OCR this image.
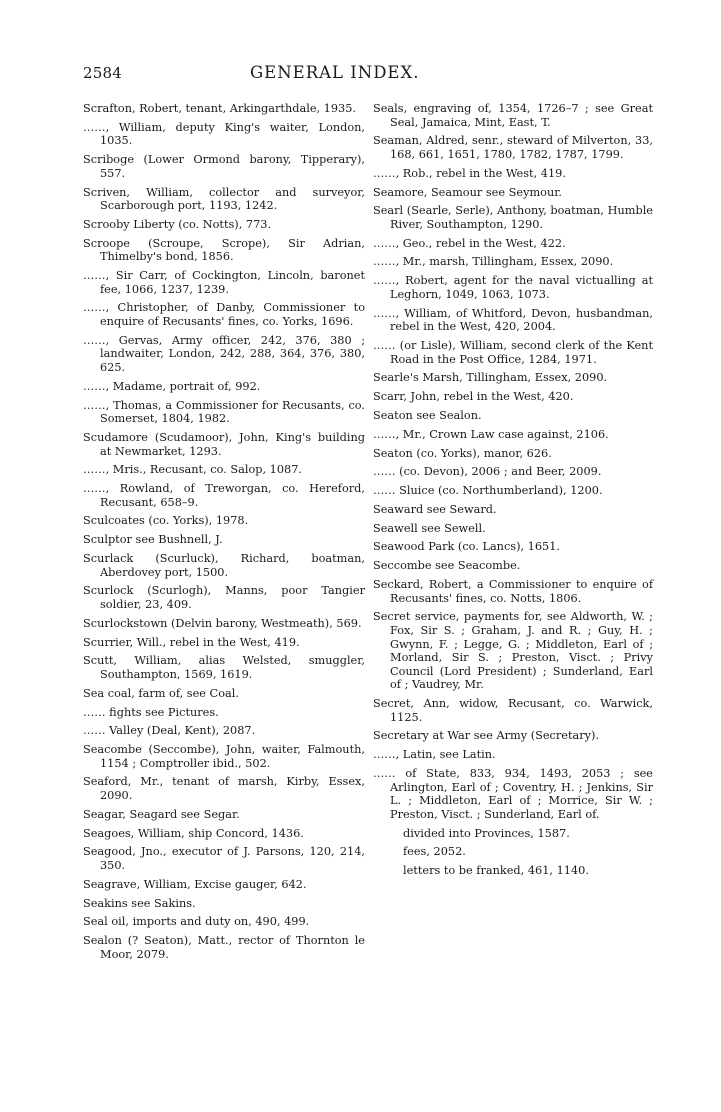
2584	GENERAL INDEX.

Scrafton, Robert, tenant, Arkingarthdale, 1935.

……, William, deputy King's waiter, London, 1035.

Scriboge (Lower Ormond barony, Tipperary), 557.

Scriven, William, collector and surveyor, Scarborough port, 1193, 1242.

Scrooby Liberty (co. Notts), 773.

Scroope (Scroupe, Scrope), Sir Adrian, Thimelby's bond, 1856.

……, Sir Carr, of Cockington, Lincoln, baronet fee, 1066, 1237, 1239.

……, Christopher, of Danby, Commissioner to enquire of Recusants' fines, co. Yorks, 1696.

……, Gervas, Army officer, 242, 376, 380 ; landwaiter, London, 242, 288, 364, 376, 380, 625.

……, Madame, portrait of, 992.

……, Thomas, a Commissioner for Recusants, co. Somerset, 1804, 1982.

Scudamore (Scudamoor), John, King's building at Newmarket, 1293.

……, Mris., Recusant, co. Salop, 1087.

……, Rowland, of Treworgan, co. Hereford, Recusant, 658–9.

Sculcoates (co. Yorks), 1978.

Sculptor see Bushnell, J.

Scurlack (Scurluck), Richard, boatman, Aberdovey port, 1500.

Scurlock (Scurlogh), Manns, poor Tangier soldier, 23, 409.

Scurlockstown (Delvin barony, Westmeath), 569.

Scurrier, Will., rebel in the West, 419.

Scutt, William, alias Welsted, smuggler, Southampton, 1569, 1619.

Sea coal, farm of, see Coal.

…… fights see Pictures.

…… Valley (Deal, Kent), 2087.

Seacombe (Seccombe), John, waiter, Falmouth, 1154 ; Comptroller ibid., 502.

Seaford, Mr., tenant of marsh, Kirby, Essex, 2090.

Seagar, Seagard see Segar.

Seagoes, William, ship Concord, 1436.

Seagood, Jno., executor of J. Parsons, 120, 214, 350.

Seagrave, William, Excise gauger, 642.

Seakins see Sakins.

Seal oil, imports and duty on, 490, 499.

Sealon (? Seaton), Matt., rector of Thornton le Moor, 2079.

Seals, engraving of, 1354, 1726–7 ; see Great Seal, Jamaica, Mint, East, T.

Seaman, Aldred, senr., steward of Milverton, 33, 168, 661, 1651, 1780, 1782, 1787, 1799.

……, Rob., rebel in the West, 419.

Seamore, Seamour see Seymour.

Searl (Searle, Serle), Anthony, boatman, Humble River, Southampton, 1290.

……, Geo., rebel in the West, 422.

……, Mr., marsh, Tillingham, Essex, 2090.

……, Robert, agent for the naval victualling at Leghorn, 1049, 1063, 1073.

……, William, of Whitford, Devon, husbandman, rebel in the West, 420, 2004.

…… (or Lisle), William, second clerk of the Kent Road in the Post Office, 1284, 1971.

Searle's Marsh, Tillingham, Essex, 2090.

Scarr, John, rebel in the West, 420.

Seaton see Sealon.

……, Mr., Crown Law case against, 2106.

Seaton (co. Yorks), manor, 626.

…… (co. Devon), 2006 ; and Beer, 2009.

…… Sluice (co. Northumberland), 1200.

Seaward see Seward.

Seawell see Sewell.

Seawood Park (co. Lancs), 1651.

Seccombe see Seacombe.

Seckard, Robert, a Commissioner to enquire of Recusants' fines, co. Notts, 1806.

Secret service, payments for, see Aldworth, W. ; Fox, Sir S. ; Graham, J. and R. ; Guy, H. ; Gwynn, F. ; Legge, G. ; Middleton, Earl of ; Morland, Sir S. ; Preston, Visct. ; Privy Council (Lord President) ; Sunderland, Earl of ; Vaudrey, Mr.

Secret, Ann, widow, Recusant, co. Warwick, 1125.

Secretary at War see Army (Secretary).

……, Latin, see Latin.

…… of State, 833, 934, 1493, 2053 ; see Arlington, Earl of ; Coventry, H. ; Jenkins, Sir L. ; Middleton, Earl of ; Morrice, Sir W. ; Preston, Visct. ; Sunderland, Earl of.

divided into Provinces, 1587.

fees, 2052.

letters to be franked, 461, 1140.
